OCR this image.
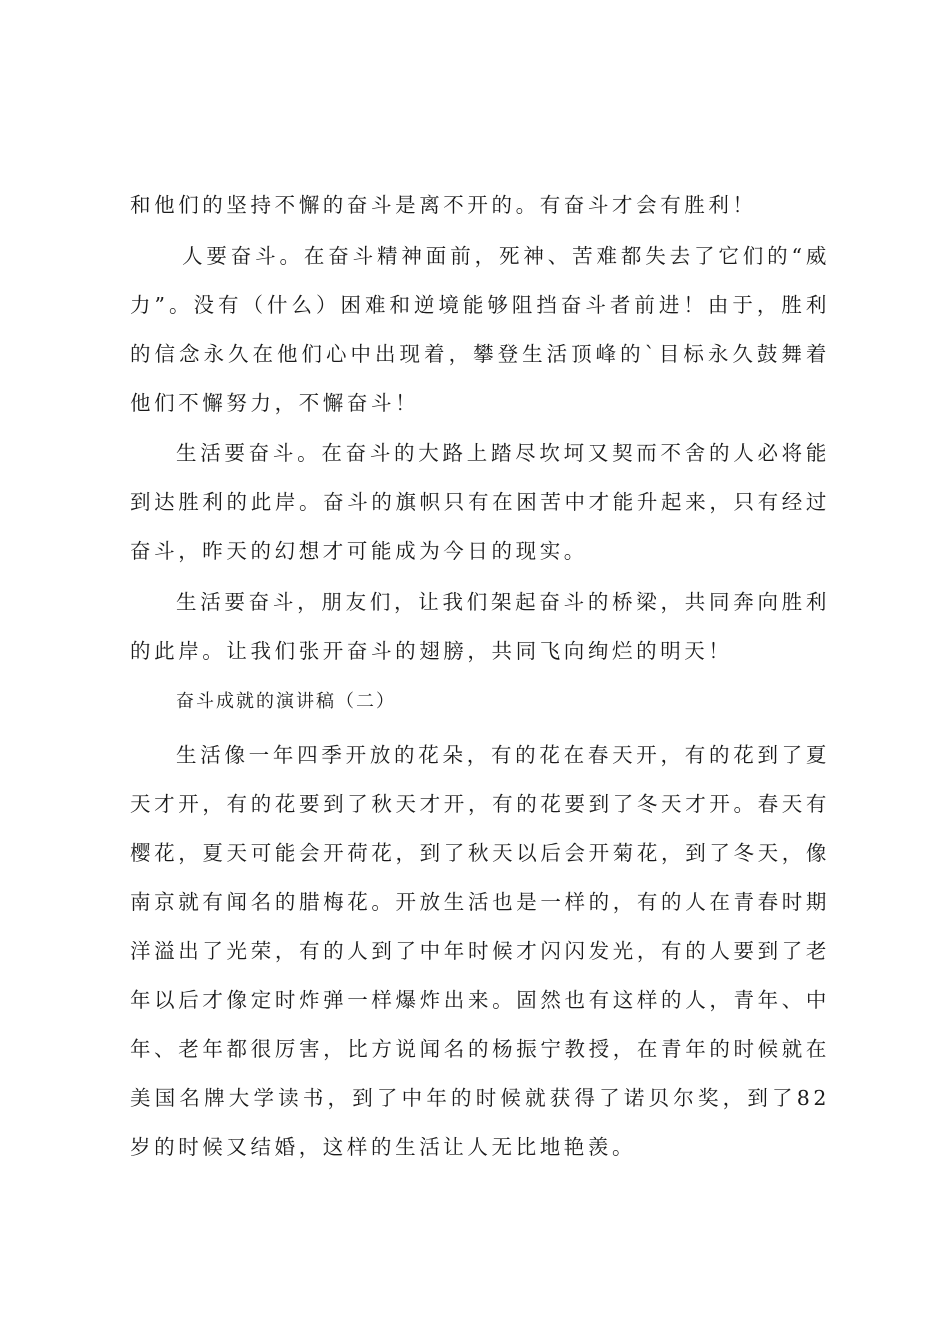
和他们的坚持不懈的奋斗是离不开的。有奋斗才会有胜利！

人要奋斗。在奋斗精神面前，死神、苦难都失去了它们的“威力”。没有（什么）困难和逆境能够阻挡奋斗者前进！由于，胜利的信念永久在他们心中出现着，攀登生活顶峰的`目标永久鼓舞着他们不懈努力，不懈奋斗！

生活要奋斗。在奋斗的大路上踏尽坎坷又契而不舍的人必将能到达胜利的此岸。奋斗的旗帜只有在困苦中才能升起来，只有经过奋斗，昨天的幻想才可能成为今日的现实。

生活要奋斗，朋友们，让我们架起奋斗的桥梁，共同奔向胜利的此岸。让我们张开奋斗的翅膀，共同飞向绚烂的明天！

奋斗成就的演讲稿（二）

生活像一年四季开放的花朵，有的花在春天开，有的花到了夏天才开，有的花要到了秋天才开，有的花要到了冬天才开。春天有樱花，夏天可能会开荷花，到了秋天以后会开菊花，到了冬天，像南京就有闻名的腊梅花。开放生活也是一样的，有的人在青春时期洋溢出了光荣，有的人到了中年时候才闪闪发光，有的人要到了老年以后才像定时炸弹一样爆炸出来。固然也有这样的人，青年、中年、老年都很厉害，比方说闻名的杨振宁教授，在青年的时候就在美国名牌大学读书，到了中年的时候就获得了诺贝尔奖，到了82岁的时候又结婚，这样的生活让人无比地艳羡。
